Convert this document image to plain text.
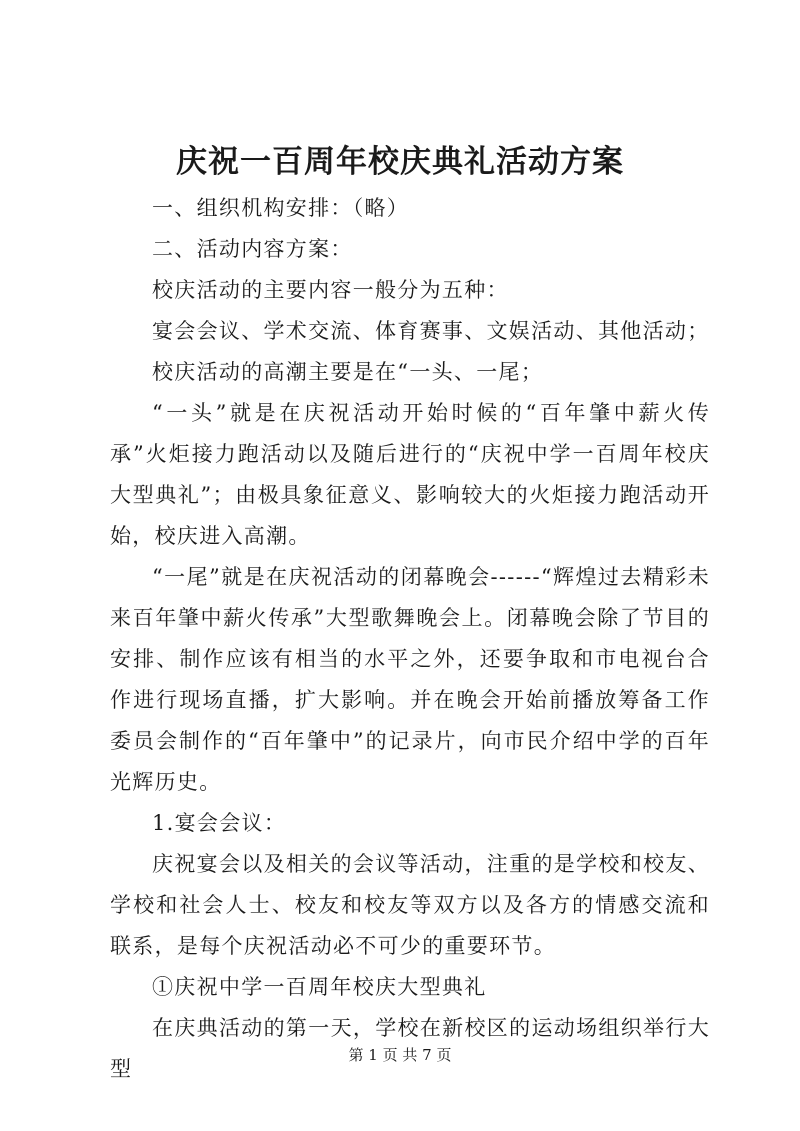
庆祝一百周年校庆典礼活动方案

一、组织机构安排：（略）

二、活动内容方案：

校庆活动的主要内容一般分为五种：

宴会会议、学术交流、体育赛事、文娱活动、其他活动；

校庆活动的高潮主要是在“一头、一尾；

“一头”就是在庆祝活动开始时候的“百年肇中薪火传承”火炬接力跑活动以及随后进行的“庆祝中学一百周年校庆大型典礼”；由极具象征意义、影响较大的火炬接力跑活动开始，校庆进入高潮。

“一尾”就是在庆祝活动的闭幕晚会------“辉煌过去精彩未来百年肇中薪火传承”大型歌舞晚会上。闭幕晚会除了节目的安排、制作应该有相当的水平之外，还要争取和市电视台合作进行现场直播，扩大影响。并在晚会开始前播放筹备工作委员会制作的“百年肇中”的记录片，向市民介绍中学的百年光辉历史。

1.宴会会议：

庆祝宴会以及相关的会议等活动，注重的是学校和校友、学校和社会人士、校友和校友等双方以及各方的情感交流和联系，是每个庆祝活动必不可少的重要环节。

①庆祝中学一百周年校庆大型典礼

在庆典活动的第一天，学校在新校区的运动场组织举行大型

第 1 页 共 7 页
